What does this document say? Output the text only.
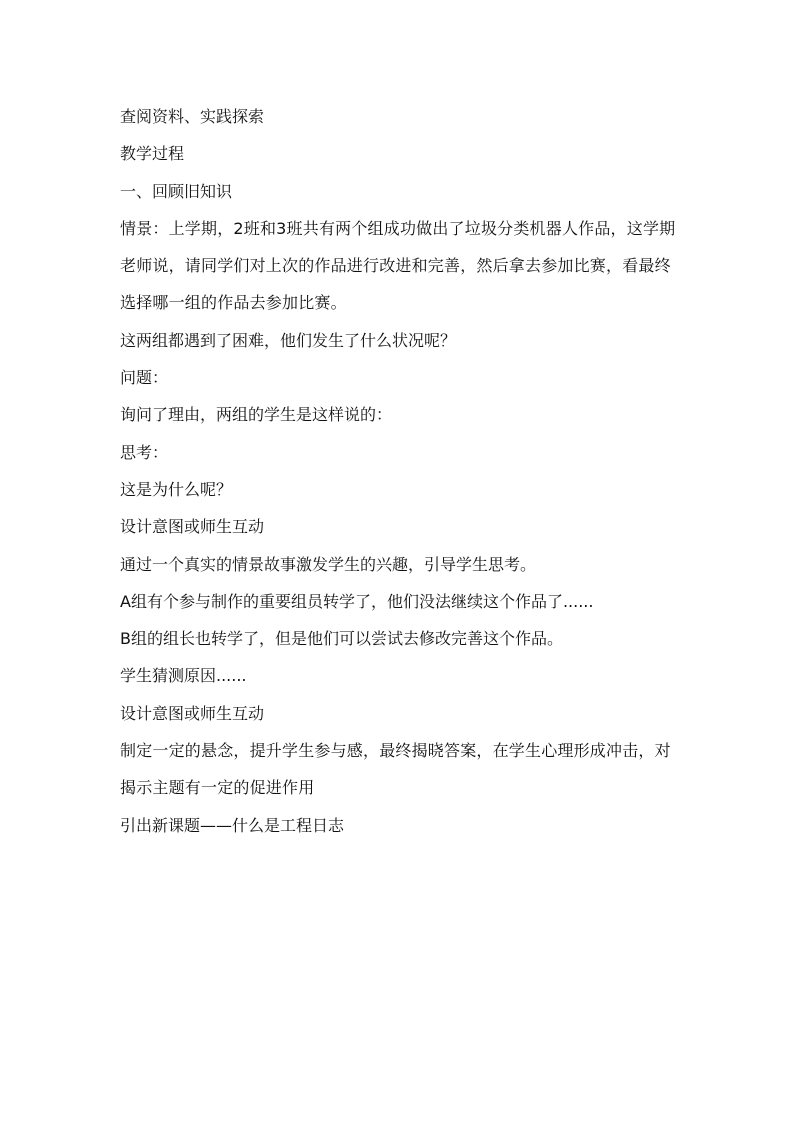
查阅资料、实践探索

教学过程

一、回顾旧知识

情景：上学期，2班和3班共有两个组成功做出了垃圾分类机器人作品，这学期老师说，请同学们对上次的作品进行改进和完善，然后拿去参加比赛，看最终选择哪一组的作品去参加比赛。

这两组都遇到了困难，他们发生了什么状况呢？

问题：

询问了理由，两组的学生是这样说的：

思考：

这是为什么呢？

设计意图或师生互动

通过一个真实的情景故事激发学生的兴趣，引导学生思考。

A组有个参与制作的重要组员转学了，他们没法继续这个作品了......

B组的组长也转学了，但是他们可以尝试去修改完善这个作品。

学生猜测原因......

设计意图或师生互动

制定一定的悬念，提升学生参与感，最终揭晓答案，在学生心理形成冲击，对揭示主题有一定的促进作用

引出新课题——什么是工程日志
